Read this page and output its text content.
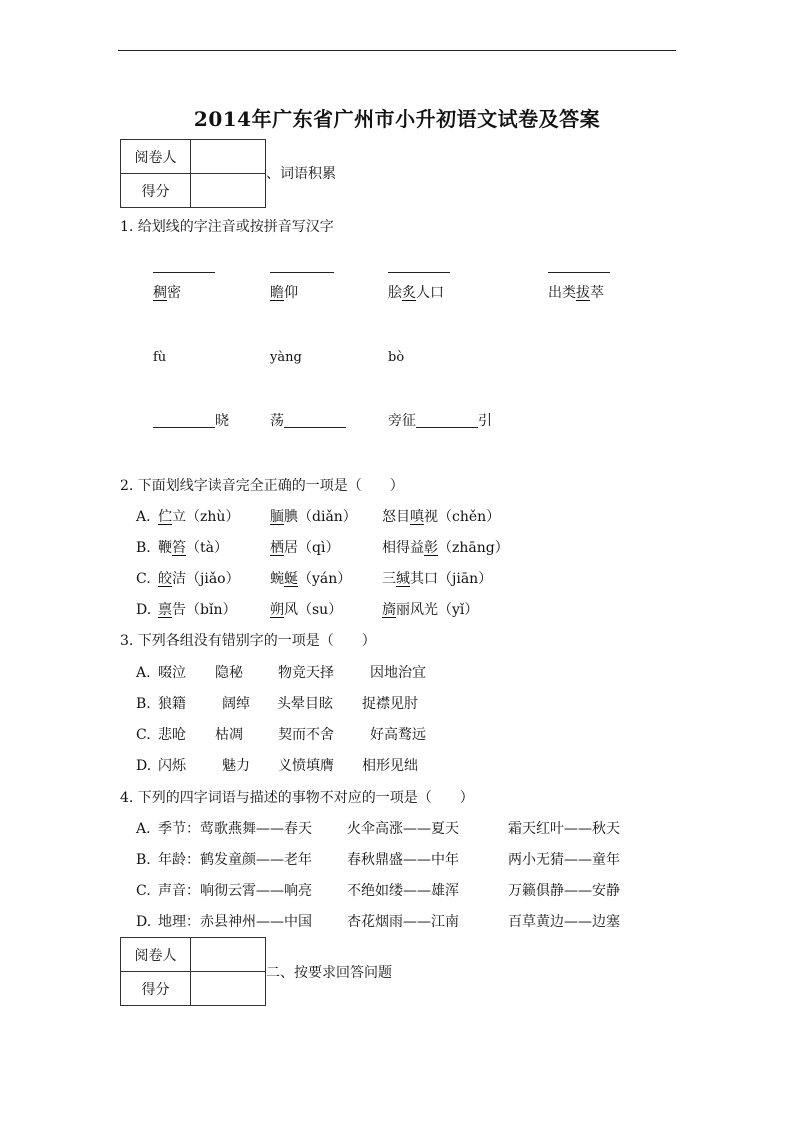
2014年广东省广州市小升初语文试卷及答案
阅卷人	
得分	
、词语积累
1. 给划线的字注音或按拼音写汉字
稠密	瞻仰	脍炙人口	出类拔萃
fù	yàng	bò
晓	荡	旁征	引
2. 下面划线字读音完全正确的一项是（　　）
A. 伫立（zhù） 腼腆（diǎn） 怒目嗔视（chěn）
B. 鞭笞（tà）	栖居（qì）	相得益彰（zhāng）
C. 皎洁（jiǎo） 蜿蜒（yán） 三缄其口（jiān）
D. 禀告（bǐn） 朔风（su）	旖丽风光（yǐ）
3. 下列各组没有错别字的一项是（　　）
A. 啜泣 隐秘	物竞天择	因地治宜
B. 狼籍	阔绰 头晕目眩 捉襟见肘
C. 悲呛 枯凋	契而不舍	好高鹜远
D. 闪烁	魅力 义愤填膺 相形见绌
4. 下列的四字词语与描述的事物不对应的一项是（　　）
A. 季节：莺歌燕舞——春天	火伞高涨——夏天	霜天红叶——秋天
B. 年龄：鹤发童颜——老年	春秋鼎盛——中年	两小无猜——童年
C. 声音：响彻云霄——响亮	不绝如缕——雄浑	万籁俱静——安静
D. 地理：赤县神州——中国	杏花烟雨——江南	百草黄边——边塞
阅卷人	
得分	
二、按要求回答问题
